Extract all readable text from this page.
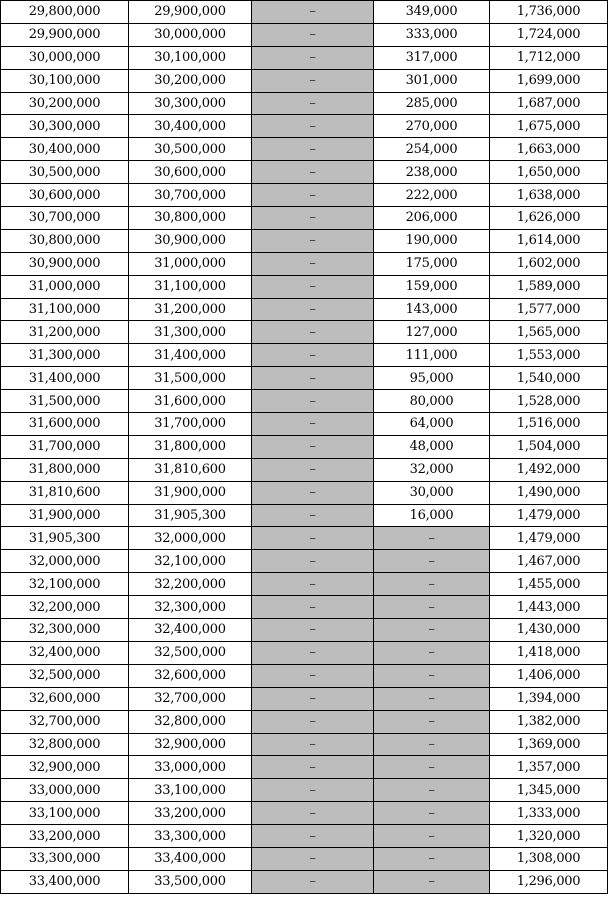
29,800,000	29,900,000	–	349,000	1,736,000
29,900,000	30,000,000	–	333,000	1,724,000
30,000,000	30,100,000	–	317,000	1,712,000
30,100,000	30,200,000	–	301,000	1,699,000
30,200,000	30,300,000	–	285,000	1,687,000
30,300,000	30,400,000	–	270,000	1,675,000
30,400,000	30,500,000	–	254,000	1,663,000
30,500,000	30,600,000	–	238,000	1,650,000
30,600,000	30,700,000	–	222,000	1,638,000
30,700,000	30,800,000	–	206,000	1,626,000
30,800,000	30,900,000	–	190,000	1,614,000
30,900,000	31,000,000	–	175,000	1,602,000
31,000,000	31,100,000	–	159,000	1,589,000
31,100,000	31,200,000	–	143,000	1,577,000
31,200,000	31,300,000	–	127,000	1,565,000
31,300,000	31,400,000	–	111,000	1,553,000
31,400,000	31,500,000	–	95,000	1,540,000
31,500,000	31,600,000	–	80,000	1,528,000
31,600,000	31,700,000	–	64,000	1,516,000
31,700,000	31,800,000	–	48,000	1,504,000
31,800,000	31,810,600	–	32,000	1,492,000
31,810,600	31,900,000	–	30,000	1,490,000
31,900,000	31,905,300	–	16,000	1,479,000
31,905,300	32,000,000	–	–	1,479,000
32,000,000	32,100,000	–	–	1,467,000
32,100,000	32,200,000	–	–	1,455,000
32,200,000	32,300,000	–	–	1,443,000
32,300,000	32,400,000	–	–	1,430,000
32,400,000	32,500,000	–	–	1,418,000
32,500,000	32,600,000	–	–	1,406,000
32,600,000	32,700,000	–	–	1,394,000
32,700,000	32,800,000	–	–	1,382,000
32,800,000	32,900,000	–	–	1,369,000
32,900,000	33,000,000	–	–	1,357,000
33,000,000	33,100,000	–	–	1,345,000
33,100,000	33,200,000	–	–	1,333,000
33,200,000	33,300,000	–	–	1,320,000
33,300,000	33,400,000	–	–	1,308,000
33,400,000	33,500,000	–	–	1,296,000
